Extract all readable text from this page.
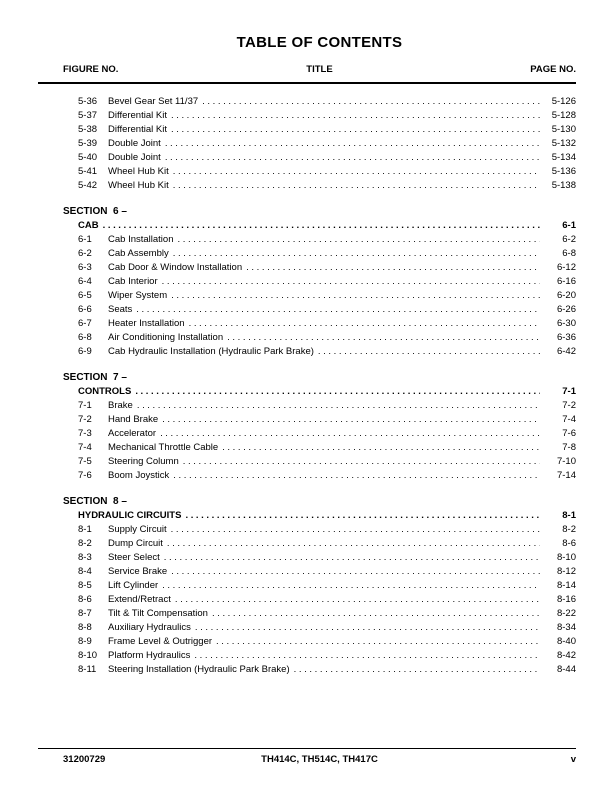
TABLE OF CONTENTS
FIGURE NO.	TITLE	PAGE NO.
5-36	Bevel Gear Set 11/37 .....	5-126
5-37	Differential Kit .....	5-128
5-38	Differential Kit .....	5-130
5-39	Double Joint .....	5-132
5-40	Double Joint .....	5-134
5-41	Wheel Hub Kit .....	5-136
5-42	Wheel Hub Kit .....	5-138
SECTION  6 –
CAB .....	6-1
6-1	Cab Installation .....	6-2
6-2	Cab Assembly .....	6-8
6-3	Cab Door & Window Installation .....	6-12
6-4	Cab Interior .....	6-16
6-5	Wiper System .....	6-20
6-6	Seats .....	6-26
6-7	Heater Installation .....	6-30
6-8	Air Conditioning Installation .....	6-36
6-9	Cab Hydraulic Installation (Hydraulic Park Brake) .....	6-42
SECTION  7 –
CONTROLS .....	7-1
7-1	Brake .....	7-2
7-2	Hand Brake .....	7-4
7-3	Accelerator .....	7-6
7-4	Mechanical Throttle Cable .....	7-8
7-5	Steering Column .....	7-10
7-6	Boom Joystick .....	7-14
SECTION  8 –
HYDRAULIC CIRCUITS .....	8-1
8-1	Supply Circuit .....	8-2
8-2	Dump Circuit .....	8-6
8-3	Steer Select .....	8-10
8-4	Service Brake .....	8-12
8-5	Lift Cylinder .....	8-14
8-6	Extend/Retract .....	8-16
8-7	Tilt & Tilt Compensation .....	8-22
8-8	Auxiliary Hydraulics .....	8-34
8-9	Frame Level & Outrigger .....	8-40
8-10	Platform Hydraulics .....	8-42
8-11	Steering Installation (Hydraulic Park Brake) .....	8-44
31200729	TH414C, TH514C, TH417C	v
